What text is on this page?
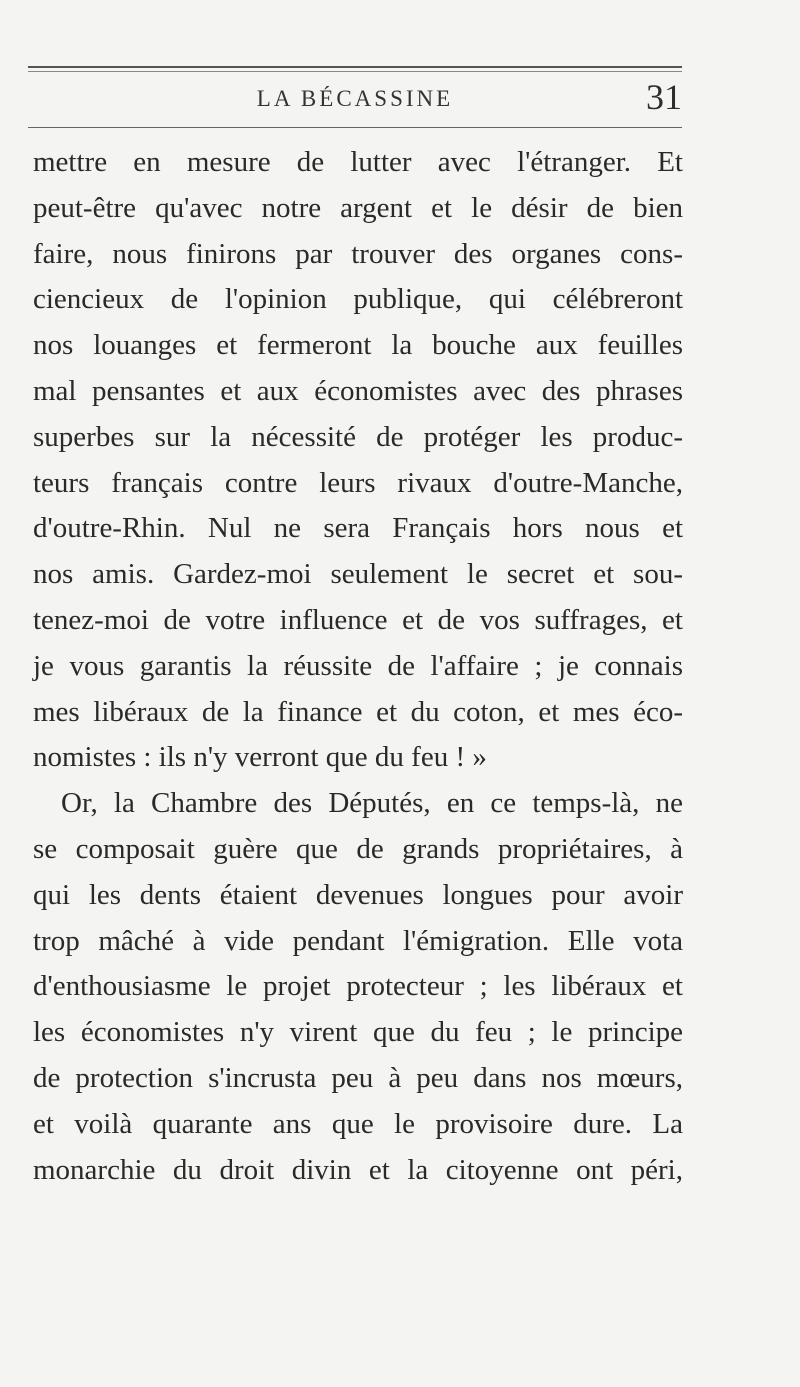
LA BÉCASSINE	31
mettre en mesure de lutter avec l'étranger. Et
peut-être qu'avec notre argent et le désir de bien
faire, nous finirons par trouver des organes cons-
ciencieux de l'opinion publique, qui célébreront
nos louanges et fermeront la bouche aux feuilles
mal pensantes et aux économistes avec des phrases
superbes sur la nécessité de protéger les produc-
teurs français contre leurs rivaux d'outre-Manche,
d'outre-Rhin. Nul ne sera Français hors nous et
nos amis. Gardez-moi seulement le secret et sou-
tenez-moi de votre influence et de vos suffrages, et
je vous garantis la réussite de l'affaire ; je connais
mes libéraux de la finance et du coton, et mes éco-
nomistes : ils n'y verront que du feu ! »
Or, la Chambre des Députés, en ce temps-là, ne
se composait guère que de grands propriétaires, à
qui les dents étaient devenues longues pour avoir
trop mâché à vide pendant l'émigration. Elle vota
d'enthousiasme le projet protecteur ; les libéraux et
les économistes n'y virent que du feu ; le principe
de protection s'incrusta peu à peu dans nos mœurs,
et voilà quarante ans que le provisoire dure. La
monarchie du droit divin et la citoyenne ont péri,
